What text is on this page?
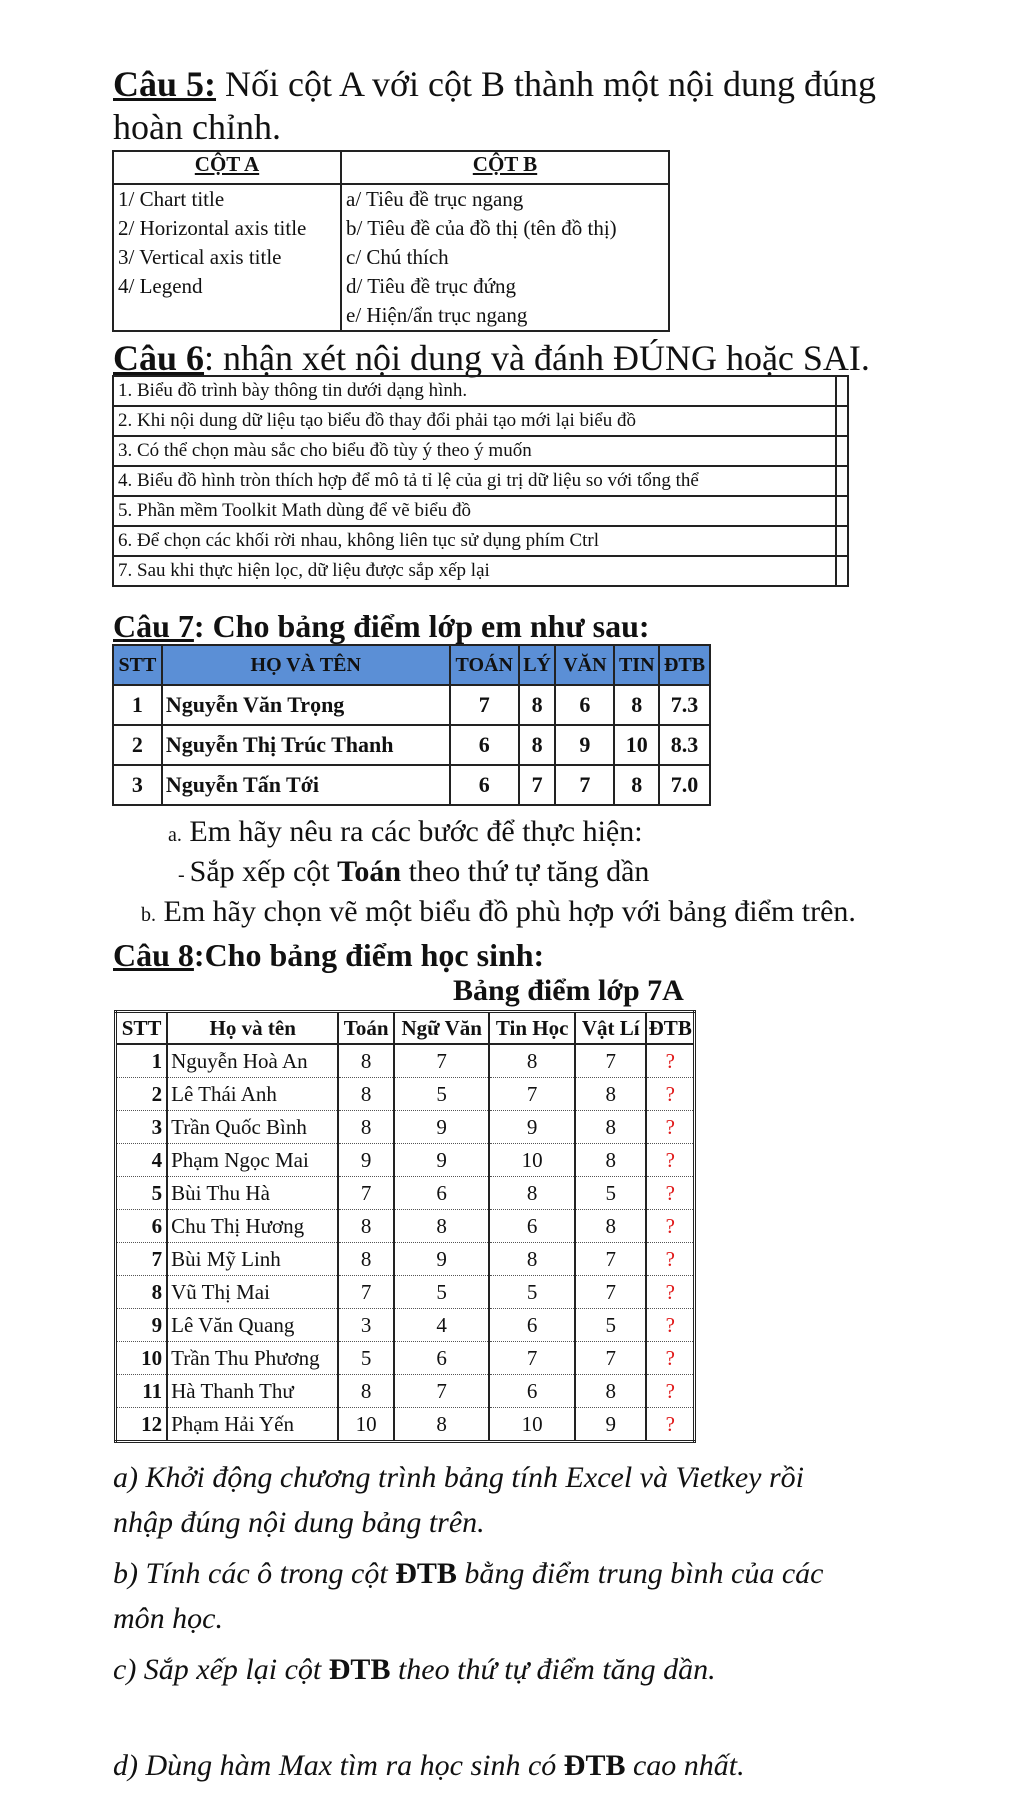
Câu 5: Nối cột A với cột B thành một nội dung đúng
hoàn chỉnh.
CỘT A	CỘT B
1/ Chart title	a/ Tiêu đề trục ngang
2/ Horizontal axis title	b/ Tiêu đề của đồ thị (tên đồ thị)
3/ Vertical axis title	c/ Chú thích
4/ Legend	d/ Tiêu đề trục đứng
	e/ Hiện/ẩn trục ngang
Câu 6: nhận xét nội dung và đánh ĐÚNG hoặc SAI.
1. Biểu đồ trình bày thông tin dưới dạng hình.	
2. Khi nội dung dữ liệu tạo biểu đồ thay đổi phải tạo mới lại biểu đồ	
3. Có thể chọn màu sắc cho biểu đồ tùy ý theo ý muốn	
4. Biểu đồ hình tròn thích hợp để mô tả tỉ lệ của gi trị dữ liệu so với tổng thể	
5. Phần mềm Toolkit Math dùng để vẽ biểu đồ	
6. Để chọn các khối rời nhau, không liên tục sử dụng phím Ctrl	
7. Sau khi thực hiện lọc, dữ liệu được sắp xếp lại	
Câu 7: Cho bảng điểm lớp em như sau:
STT	HỌ VÀ TÊN	TOÁN	LÝ	VĂN	TIN	ĐTB
1	Nguyễn Văn Trọng	7	8	6	8	7.3
2	Nguyễn Thị Trúc Thanh	6	8	9	10	8.3
3	Nguyễn Tấn Tới	6	7	7	8	7.0
a. Em hãy nêu ra các bước để thực hiện:
- Sắp xếp cột Toán theo thứ tự tăng dần
b. Em hãy chọn vẽ một biểu đồ phù hợp với bảng điểm trên.
Câu 8:Cho bảng điểm học sinh:
Bảng điểm lớp 7A
STT	Họ và tên	Toán	Ngữ Văn	Tin Học	Vật Lí	ĐTB
1	Nguyễn Hoà An	8	7	8	7	?
2	Lê Thái Anh	8	5	7	8	?
3	Trần Quốc Bình	8	9	9	8	?
4	Phạm Ngọc Mai	9	9	10	8	?
5	Bùi Thu Hà	7	6	8	5	?
6	Chu Thị Hương	8	8	6	8	?
7	Bùi Mỹ Linh	8	9	8	7	?
8	Vũ Thị Mai	7	5	5	7	?
9	Lê Văn Quang	3	4	6	5	?
10	Trần Thu Phương	5	6	7	7	?
11	Hà Thanh Thư	8	7	6	8	?
12	Phạm Hải Yến	10	8	10	9	?
a) Khởi động chương trình bảng tính Excel và Vietkey rồi
nhập đúng nội dung bảng trên.
b) Tính các ô trong cột ĐTB bằng điểm trung bình của các
môn học.
c) Sắp xếp lại cột ĐTB theo thứ tự điểm tăng dần.
d) Dùng hàm Max tìm ra học sinh có ĐTB cao nhất.
